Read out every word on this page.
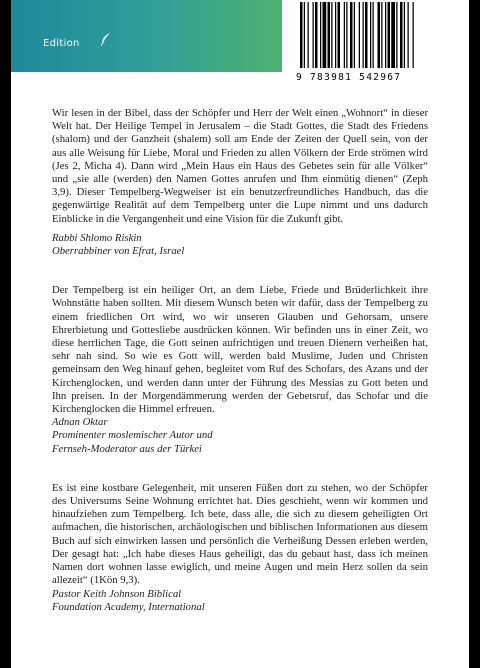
Edition
9 783981 542967

Wir lesen in der Bibel, dass der Schöpfer und Herr der Welt einen „Wohnort“ in dieser Welt hat. Der Heilige Tempel in Jerusalem – die Stadt Gottes, die Stadt des Friedens (shalom) und der Ganzheit (shalem) soll am Ende der Zeiten der Quell sein, von der aus alle Weisung für Liebe, Moral und Frieden zu allen Völkern der Erde strömen wird (Jes 2, Micha 4). Dann wird „Mein Haus ein Haus des Gebetes sein für alle Völker“ und „sie alle (werden) den Namen Gottes anrufen und Ihm einmütig dienen“ (Zeph 3,9). Dieser Tempelberg-Wegweiser ist ein benutzerfreundliches Handbuch, das die gegenwärtige Realität auf dem Tempelberg unter die Lupe nimmt und uns dadurch Einblicke in die Vergangenheit und eine Vision für die Zukunft gibt.

Rabbi Shlomo Riskin

Oberrabbiner von Efrat, Israel

Der Tempelberg ist ein heiliger Ort, an dem Liebe, Friede und Brüderlichkeit ihre Wohnstätte haben sollten. Mit diesem Wunsch beten wir dafür, dass der Tempelberg zu einem friedlichen Ort wird, wo wir unseren Glauben und Gehorsam, unsere Ehrerbietung und Gottesliebe ausdrücken können. Wir befinden uns in einer Zeit, wo diese herrlichen Tage, die Gott seinen aufrichtigen und treuen Dienern verheißen hat, sehr nah sind. So wie es Gott will, werden bald Muslime, Juden und Christen gemeinsam den Weg hinauf gehen, begleitet vom Ruf des Schofars, des Azans und der Kirchenglocken, und werden dann unter der Führung des Messias zu Gott beten und Ihn preisen. In der Morgendämmerung werden der Gebetsruf, das Schofar und die Kirchenglocken die Himmel erfreuen.

Adnan Oktar

Prominenter moslemischer Autor und

Fernseh-Moderator aus der Türkei

Es ist eine kostbare Gelegenheit, mit unseren Füßen dort zu stehen, wo der Schöpfer des Universums Seine Wohnung errichtet hat. Dies geschieht, wenn wir kommen und hinaufziehen zum Tempelberg. Ich bete, dass alle, die sich zu diesem geheiligten Ort aufmachen, die historischen, archäologischen und biblischen Informationen aus diesem Buch auf sich einwirken lassen und persönlich die Verheißung Dessen erleben werden, Der gesagt hat: „Ich habe dieses Haus geheiligt, das du gebaut hast, dass ich meinen Namen dort wohnen lasse ewiglich, und meine Augen und mein Herz sollen da sein allezeit“ (1Kön 9,3).

Pastor Keith Johnson Biblical

Foundation Academy, International
